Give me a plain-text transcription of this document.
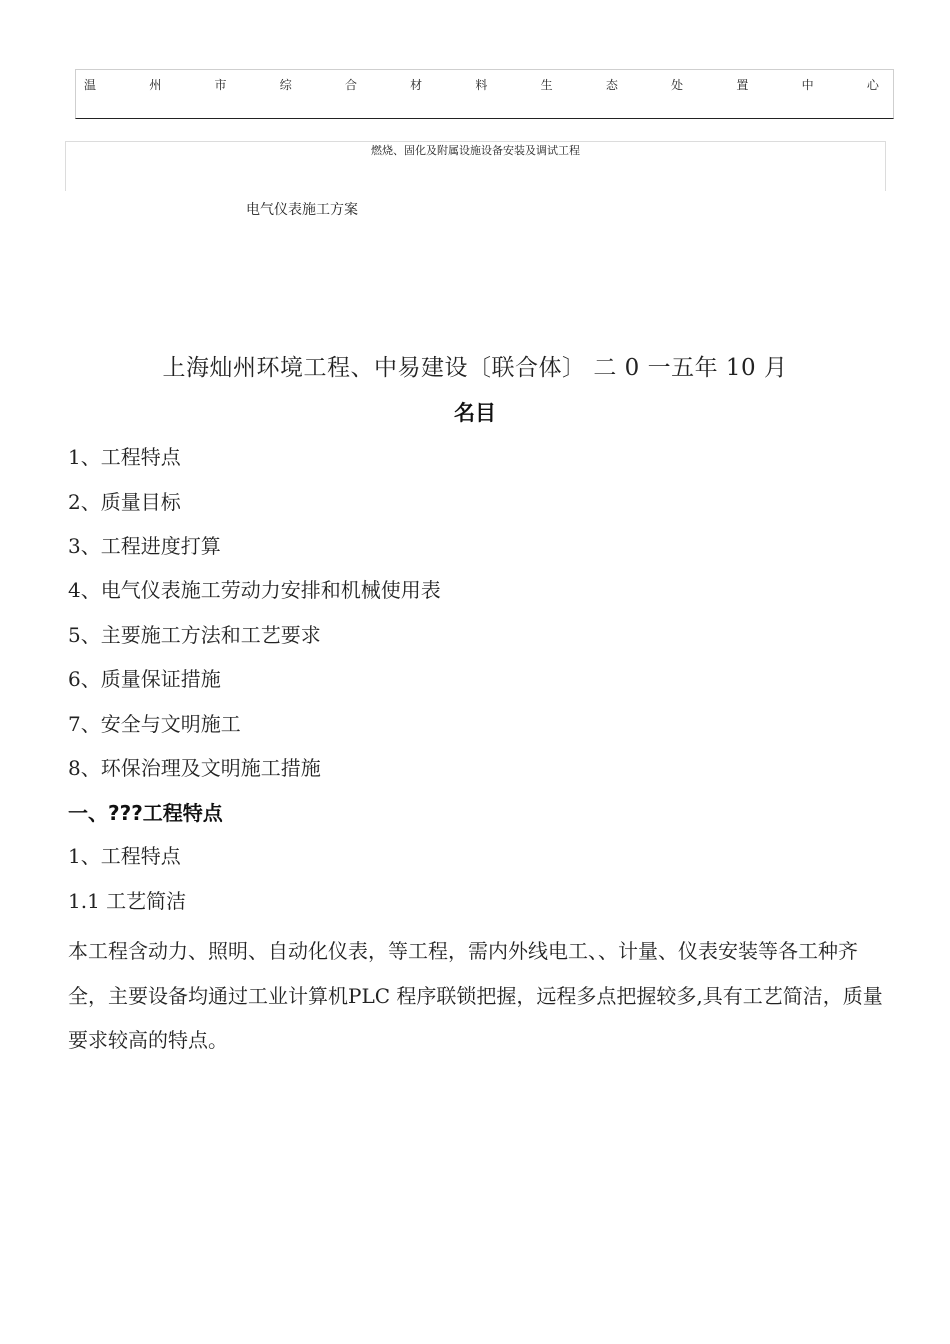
温	州	市	综	合	材	料	生	态	处	置	中	心
燃烧、固化及附属设施设备安装及调试工程
电气仪表施工方案
上海灿州环境工程、中易建设〔联合体〕 二 0 一五年 10 月
名目
1、工程特点
2、质量目标
3、工程进度打算
4、电气仪表施工劳动力安排和机械使用表
5、主要施工方法和工艺要求
6、质量保证措施
7、安全与文明施工
8、环保治理及文明施工措施
一、???工程特点
1、工程特点
1.1 工艺简洁
本工程含动力、照明、自动化仪表，等工程，需内外线电工、、计量、仪表安装等各工种齐全，主要设备均通过工业计算机PLC 程序联锁把握，远程多点把握较多,具有工艺简洁，质量要求较高的特点。
